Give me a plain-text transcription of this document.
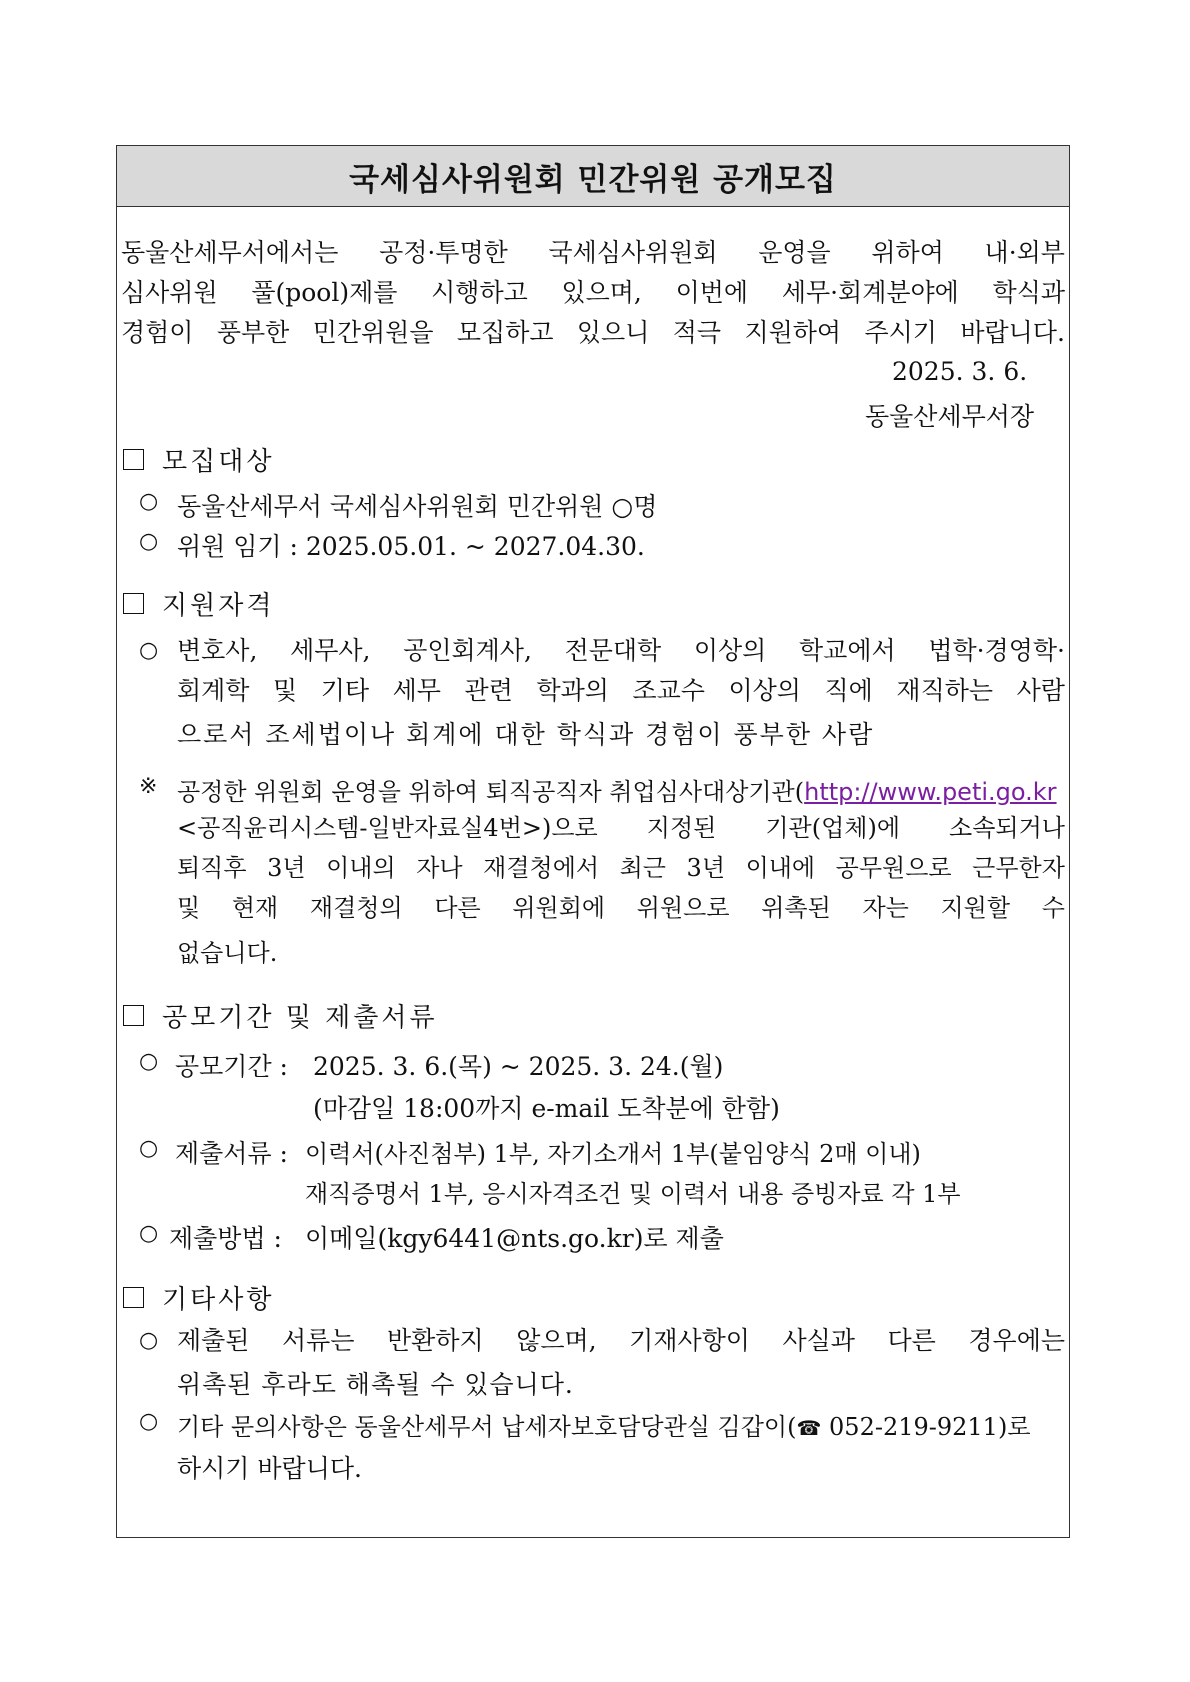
국세심사위원회 민간위원 공개모집
동울산세무서에서는 공정·투명한 국세심사위원회 운영을 위하여 내·외부
심사위원 풀(pool)제를 시행하고 있으며, 이번에 세무·회계분야에 학식과
경험이 풍부한 민간위원을 모집하고 있으니 적극 지원하여 주시기 바랍니다.
2025. 3. 6.
동울산세무서장
모집대상
○ 동울산세무서 국세심사위원회 민간위원 ○명
○ 위원 임기 : 2025.05.01. ~ 2027.04.30.
지원자격
○ 변호사, 세무사, 공인회계사, 전문대학 이상의 학교에서 법학·경영학·
회계학 및 기타 세무 관련 학과의 조교수 이상의 직에 재직하는 사람
으로서 조세법이나 회계에 대한 학식과 경험이 풍부한 사람
※ 공정한 위원회 운영을 위하여 퇴직공직자 취업심사대상기관(http://www.peti.go.kr
<공직윤리시스템-일반자료실4번>)으로 지정된 기관(업체)에 소속되거나
퇴직후 3년 이내의 자나 재결청에서 최근 3년 이내에 공무원으로 근무한자
및 현재 재결청의 다른 위원회에 위원으로 위촉된 자는 지원할 수
없습니다.
공모기간 및 제출서류
○ 공모기간 : 2025. 3. 6.(목) ~ 2025. 3. 24.(월)
(마감일 18:00까지 e-mail 도착분에 한함)
○ 제출서류 : 이력서(사진첨부) 1부, 자기소개서 1부(붙임양식 2매 이내)
재직증명서 1부, 응시자격조건 및 이력서 내용 증빙자료 각 1부
○ 제출방법 : 이메일(kgy6441@nts.go.kr)로 제출
기타사항
○ 제출된 서류는 반환하지 않으며, 기재사항이 사실과 다른 경우에는
위촉된 후라도 해촉될 수 있습니다.
○ 기타 문의사항은 동울산세무서 납세자보호담당관실 김갑이(☎ 052-219-9211)로
하시기 바랍니다.
